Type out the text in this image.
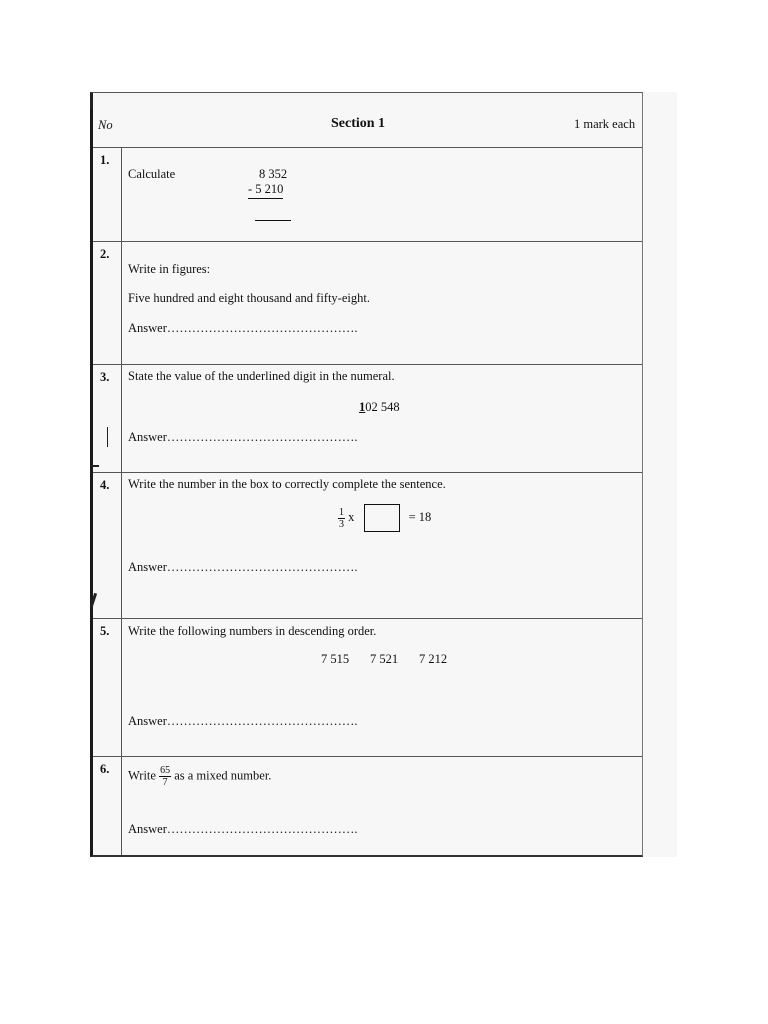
No	Section 1	1 mark each
1.
Calculate	8 352
- 5 210
2.
Write in figures:
Five hundred and eight thousand and fifty-eight.
Answer……………………………………….
3. State the value of the underlined digit in the numeral.
102 548
Answer……………………………………….
4. Write the number in the box to correctly complete the sentence.
$\frac{1}{3}$ x	= 18
Answer……………………………………….
5. Write the following numbers in descending order.
7 515 7 521 7 212
Answer……………………………………….
6. Write $\frac{65}{7}$ as a mixed number.
Answer……………………………………….
